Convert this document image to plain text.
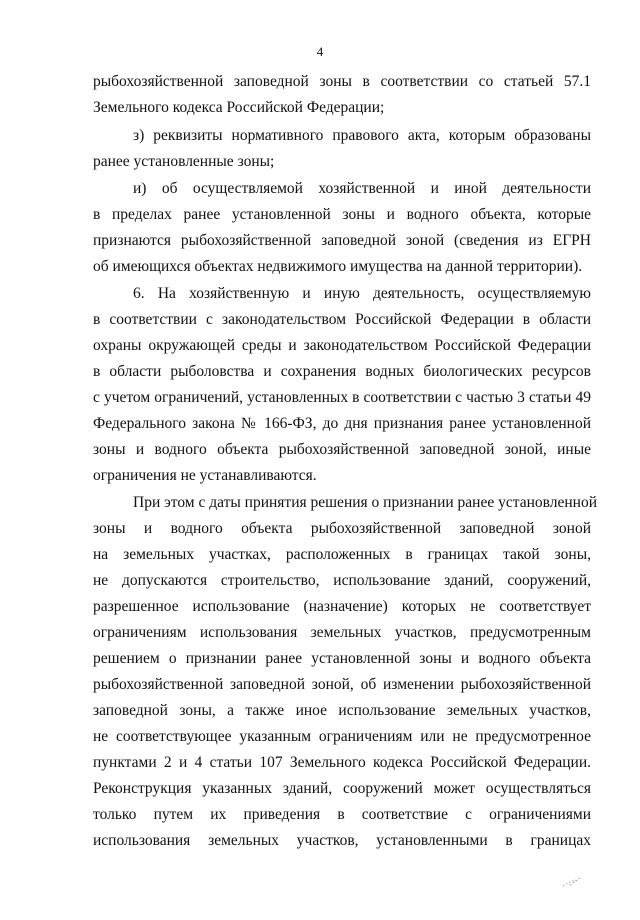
4
рыбохозяйственной заповедной зоны в соответствии со статьей 57.1
Земельного кодекса Российской Федерации;
з) реквизиты нормативного правового акта, которым образованы
ранее установленные зоны;
и) об осуществляемой хозяйственной и иной деятельности
в пределах ранее установленной зоны и водного объекта, которые
признаются рыбохозяйственной заповедной зоной (сведения из ЕГРН
об имеющихся объектах недвижимого имущества на данной территории).
6. На хозяйственную и иную деятельность, осуществляемую
в соответствии с законодательством Российской Федерации в области
охраны окружающей среды и законодательством Российской Федерации
в области рыболовства и сохранения водных биологических ресурсов
с учетом ограничений, установленных в соответствии с частью 3 статьи 49
Федерального закона № 166-ФЗ, до дня признания ранее установленной
зоны и водного объекта рыбохозяйственной заповедной зоной, иные
ограничения не устанавливаются.
При этом с даты принятия решения о признании ранее установленной
зоны и водного объекта рыбохозяйственной заповедной зоной
на земельных участках, расположенных в границах такой зоны,
не допускаются строительство, использование зданий, сооружений,
разрешенное использование (назначение) которых не соответствует
ограничениям использования земельных участков, предусмотренным
решением о признании ранее установленной зоны и водного объекта
рыбохозяйственной заповедной зоной, об изменении рыбохозяйственной
заповедной зоны, а также иное использование земельных участков,
не соответствующее указанным ограничениям или не предусмотренное
пунктами 2 и 4 статьи 107 Земельного кодекса Российской Федерации.
Реконструкция указанных зданий, сооружений может осуществляться
только путем их приведения в соответствие с ограничениями
использования земельных участков, установленными в границах
